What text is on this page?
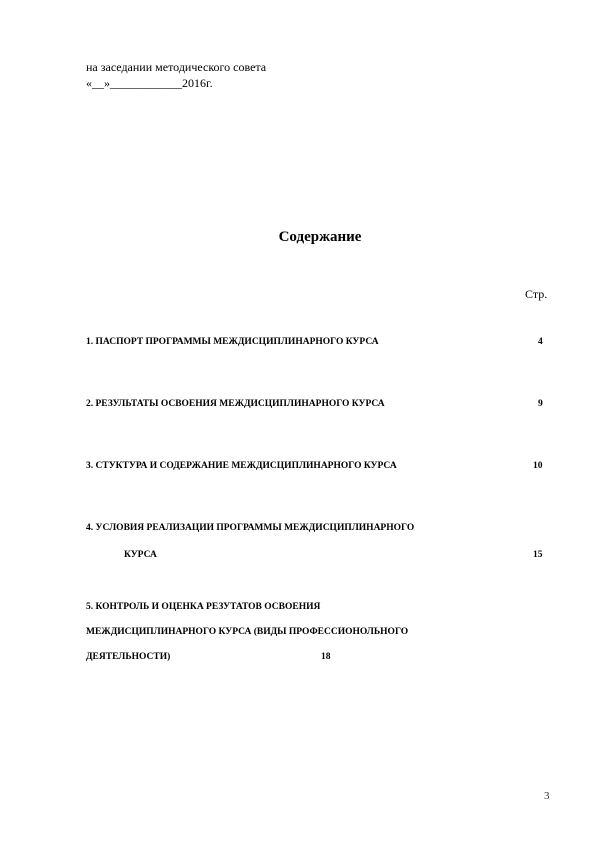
на заседании методического совета
«__»____________2016г.
Содержание
Стр.
1. ПАСПОРТ ПРОГРАММЫ МЕЖДИСЦИПЛИНАРНОГО КУРСА	4
2. РЕЗУЛЬТАТЫ ОСВОЕНИЯ МЕЖДИСЦИПЛИНАРНОГО КУРСА	9
3. СТУКТУРА И СОДЕРЖАНИЕ МЕЖДИСЦИПЛИНАРНОГО КУРСА	10
4. УСЛОВИЯ РЕАЛИЗАЦИИ ПРОГРАММЫ МЕЖДИСЦИПЛИНАРНОГО
КУРСА	15
5. КОНТРОЛЬ И ОЦЕНКА РЕЗУТАТОВ ОСВОЕНИЯ
МЕЖДИСЦИПЛИНАРНОГО КУРСА (ВИДЫ ПРОФЕССИОНОЛЬНОГО
ДЕЯТЕЛЬНОСТИ)	18
3
